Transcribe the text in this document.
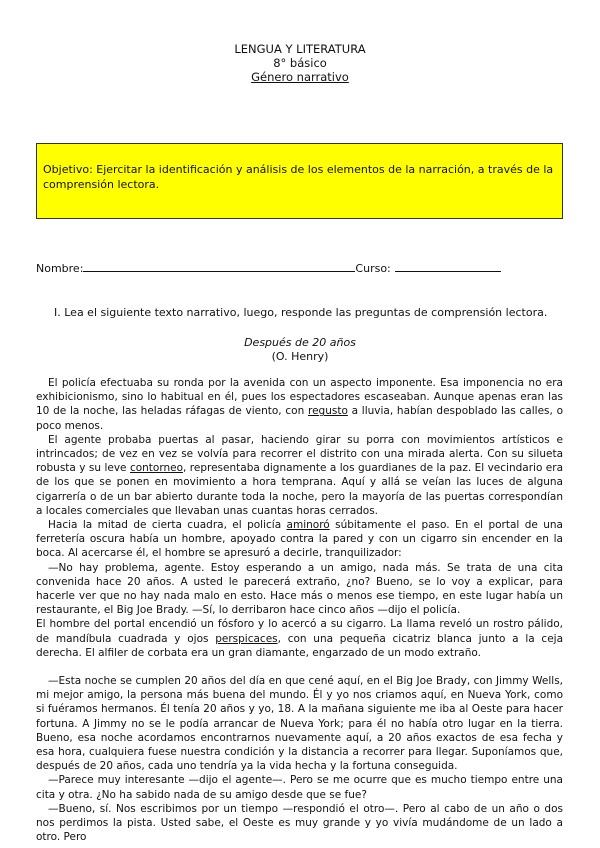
LENGUA Y LITERATURA
8° básico
Género narrativo
Objetivo: Ejercitar la identificación y análisis de los elementos de la narración, a través de la comprensión lectora.
Nombre:	Curso:
I. Lea el siguiente texto narrativo, luego, responde las preguntas de comprensión lectora.
Después de 20 años
(O. Henry)

El policía efectuaba su ronda por la avenida con un aspecto imponente. Esa imponencia no era exhibicionismo, sino lo habitual en él, pues los espectadores escaseaban. Aunque apenas eran las 10 de la noche, las heladas ráfagas de viento, con regusto a lluvia, habían despoblado las calles, o poco menos.

El agente probaba puertas al pasar, haciendo girar su porra con movimientos artísticos e intrincados; de vez en vez se volvía para recorrer el distrito con una mirada alerta. Con su silueta robusta y su leve contorneo, representaba dignamente a los guardianes de la paz. El vecindario era de los que se ponen en movimiento a hora temprana. Aquí y allá se veían las luces de alguna cigarrería o de un bar abierto durante toda la noche, pero la mayoría de las puertas correspondían a locales comerciales que llevaban unas cuantas horas cerrados.

Hacia la mitad de cierta cuadra, el policía aminoró súbitamente el paso. En el portal de una ferretería oscura había un hombre, apoyado contra la pared y con un cigarro sin encender en la boca. Al acercarse él, el hombre se apresuró a decirle, tranquilizador:

—No hay problema, agente. Estoy esperando a un amigo, nada más. Se trata de una cita convenida hace 20 años. A usted le parecerá extraño, ¿no? Bueno, se lo voy a explicar, para hacerle ver que no hay nada malo en esto. Hace más o menos ese tiempo, en este lugar había un restaurante, el Big Joe Brady. —Sí, lo derribaron hace cinco años —dijo el policía.

El hombre del portal encendió un fósforo y lo acercó a su cigarro. La llama reveló un rostro pálido, de mandíbula cuadrada y ojos perspicaces, con una pequeña cicatriz blanca junto a la ceja derecha. El alfiler de corbata era un gran diamante, engarzado de un modo extraño.

—Esta noche se cumplen 20 años del día en que cené aquí, en el Big Joe Brady, con Jimmy Wells, mi mejor amigo, la persona más buena del mundo. Él y yo nos criamos aquí, en Nueva York, como si fuéramos hermanos. Él tenía 20 años y yo, 18. A la mañana siguiente me iba al Oeste para hacer fortuna. A Jimmy no se le podía arrancar de Nueva York; para él no había otro lugar en la tierra. Bueno, esa noche acordamos encontrarnos nuevamente aquí, a 20 años exactos de esa fecha y esa hora, cualquiera fuese nuestra condición y la distancia a recorrer para llegar. Suponíamos que, después de 20 años, cada uno tendría ya la vida hecha y la fortuna conseguida.

—Parece muy interesante —dijo el agente—. Pero se me ocurre que es mucho tiempo entre una cita y otra. ¿No ha sabido nada de su amigo desde que se fue?

—Bueno, sí. Nos escribimos por un tiempo —respondió el otro—. Pero al cabo de un año o dos nos perdimos la pista. Usted sabe, el Oeste es muy grande y yo vivía mudándome de un lado a otro. Pero
